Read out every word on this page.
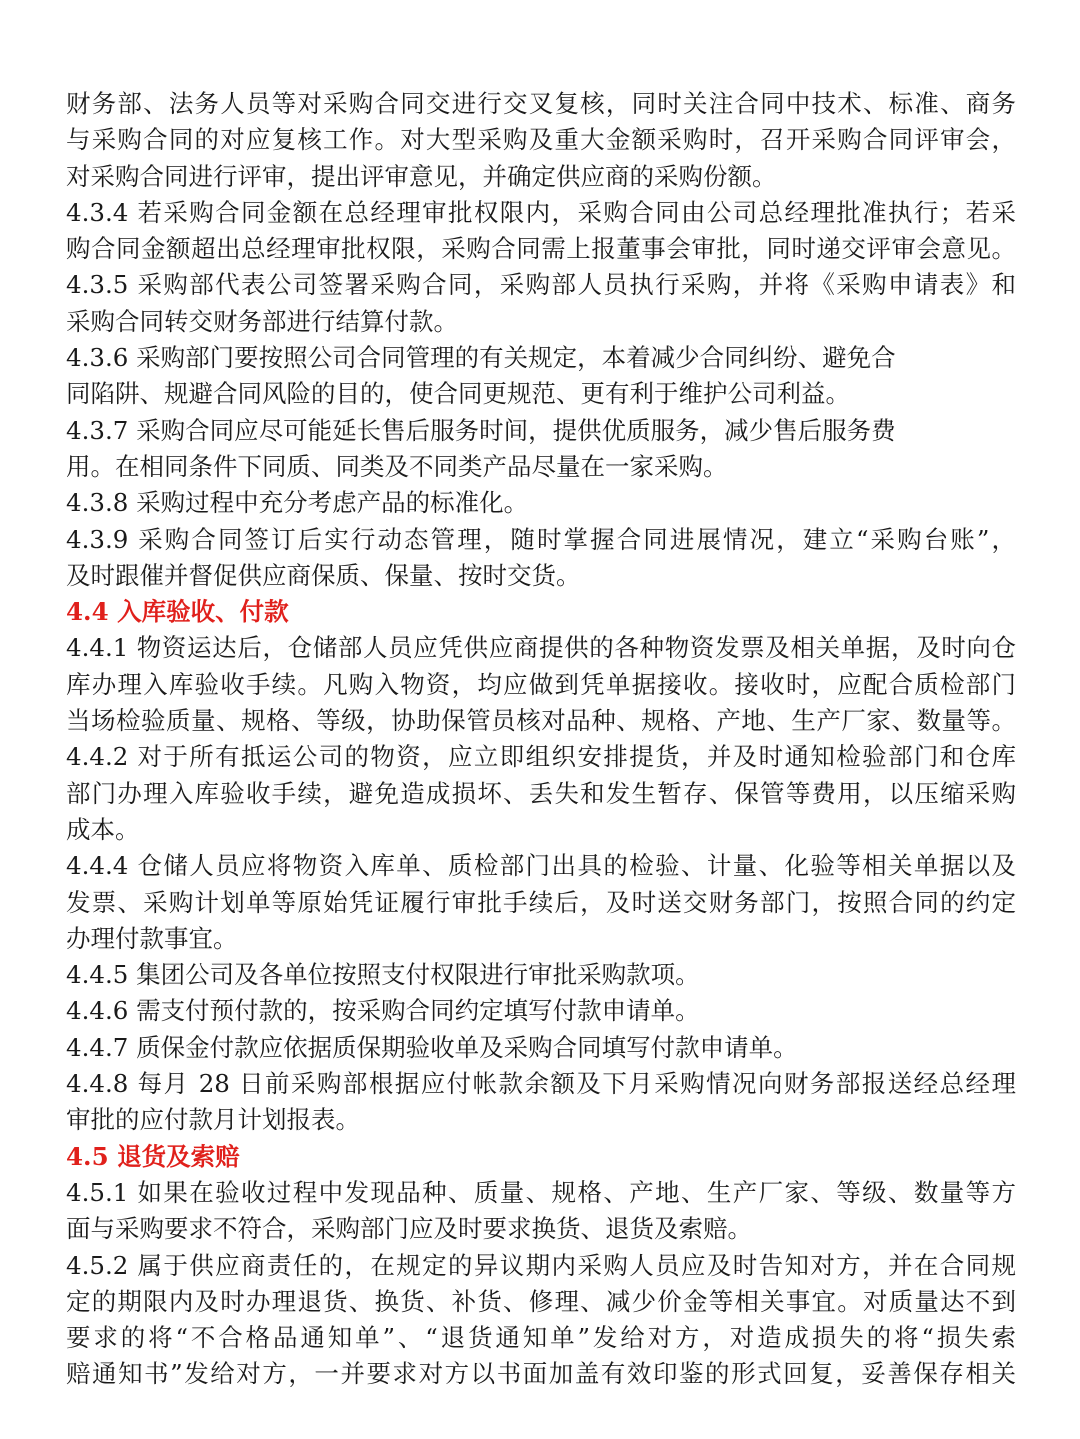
财务部、法务人员等对采购合同交进行交叉复核，同时关注合同中技术、标准、商务
与采购合同的对应复核工作。对大型采购及重大金额采购时，召开采购合同评审会，
对采购合同进行评审，提出评审意见，并确定供应商的采购份额。
4.3.4 若采购合同金额在总经理审批权限内，采购合同由公司总经理批准执行；若采
购合同金额超出总经理审批权限，采购合同需上报董事会审批，同时递交评审会意见。
4.3.5 采购部代表公司签署采购合同，采购部人员执行采购，并将《采购申请表》和
采购合同转交财务部进行结算付款。
4.3.6 采购部门要按照公司合同管理的有关规定，本着减少合同纠纷、避免合
同陷阱、规避合同风险的目的，使合同更规范、更有利于维护公司利益。
4.3.7 采购合同应尽可能延长售后服务时间，提供优质服务，减少售后服务费
用。在相同条件下同质、同类及不同类产品尽量在一家采购。
4.3.8 采购过程中充分考虑产品的标准化。
4.3.9 采购合同签订后实行动态管理，随时掌握合同进展情况，建立“采购台账”，
及时跟催并督促供应商保质、保量、按时交货。
4.4 入库验收、付款
4.4.1 物资运达后，仓储部人员应凭供应商提供的各种物资发票及相关单据，及时向仓
库办理入库验收手续。凡购入物资，均应做到凭单据接收。接收时，应配合质检部门
当场检验质量、规格、等级，协助保管员核对品种、规格、产地、生产厂家、数量等。
4.4.2 对于所有抵运公司的物资，应立即组织安排提货，并及时通知检验部门和仓库
部门办理入库验收手续，避免造成损坏、丢失和发生暂存、保管等费用，以压缩采购
成本。
4.4.4 仓储人员应将物资入库单、质检部门出具的检验、计量、化验等相关单据以及
发票、采购计划单等原始凭证履行审批手续后，及时送交财务部门，按照合同的约定
办理付款事宜。
4.4.5 集团公司及各单位按照支付权限进行审批采购款项。
4.4.6 需支付预付款的，按采购合同约定填写付款申请单。
4.4.7 质保金付款应依据质保期验收单及采购合同填写付款申请单。
4.4.8 每月 28 日前采购部根据应付帐款余额及下月采购情况向财务部报送经总经理
审批的应付款月计划报表。
4.5 退货及索赔
4.5.1 如果在验收过程中发现品种、质量、规格、产地、生产厂家、等级、数量等方
面与采购要求不符合，采购部门应及时要求换货、退货及索赔。
4.5.2 属于供应商责任的，在规定的异议期内采购人员应及时告知对方，并在合同规
定的期限内及时办理退货、换货、补货、修理、减少价金等相关事宜。对质量达不到
要求的将“不合格品通知单”、“退货通知单”发给对方，对造成损失的将“损失索
赔通知书”发给对方，一并要求对方以书面加盖有效印鉴的形式回复，妥善保存相关
